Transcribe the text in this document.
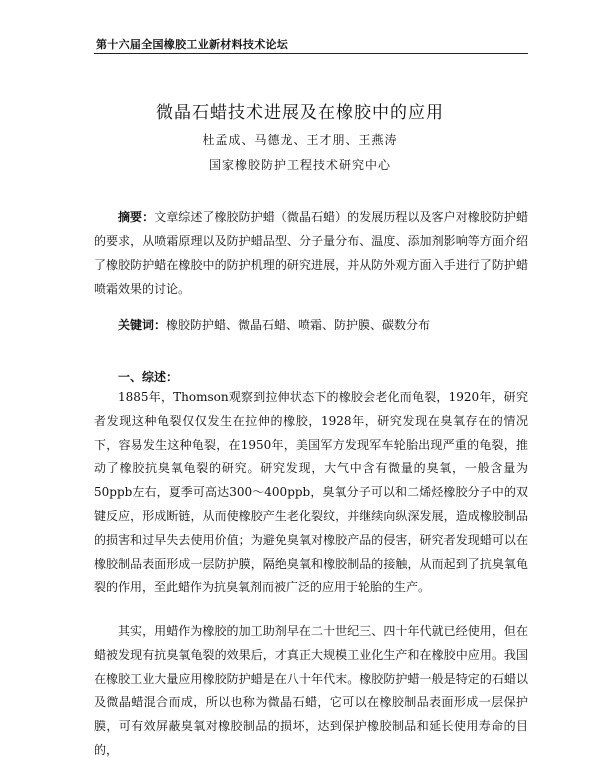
第十六届全国橡胶工业新材料技术论坛
微晶石蜡技术进展及在橡胶中的应用
杜孟成、马德龙、王才朋、王燕涛
国家橡胶防护工程技术研究中心
摘要：文章综述了橡胶防护蜡（微晶石蜡）的发展历程以及客户对橡胶防护蜡的要求，从喷霜原理以及防护蜡品型、分子量分布、温度、添加剂影响等方面介绍了橡胶防护蜡在橡胶中的防护机理的研究进展，并从防外观方面入手进行了防护蜡喷霜效果的讨论。
关键词：橡胶防护蜡、微晶石蜡、喷霜、防护膜、碳数分布
一、综述：
1885年，Thomson观察到拉伸状态下的橡胶会老化而龟裂，1920年，研究者发现这种龟裂仅仅发生在拉伸的橡胶，1928年，研究发现在臭氧存在的情况下，容易发生这种龟裂，在1950年，美国军方发现军车轮胎出现严重的龟裂，推动了橡胶抗臭氧龟裂的研究。研究发现，大气中含有微量的臭氧，一般含量为50ppb左右，夏季可高达300～400ppb，臭氧分子可以和二烯烃橡胶分子中的双键反应，形成断链，从而使橡胶产生老化裂纹，并继续向纵深发展，造成橡胶制品的损害和过早失去使用价值；为避免臭氧对橡胶产品的侵害，研究者发现蜡可以在橡胶制品表面形成一层防护膜，隔绝臭氧和橡胶制品的接触，从而起到了抗臭氧龟裂的作用，至此蜡作为抗臭氧剂而被广泛的应用于轮胎的生产。
其实，用蜡作为橡胶的加工助剂早在二十世纪三、四十年代就已经使用，但在蜡被发现有抗臭氧龟裂的效果后，才真正大规模工业化生产和在橡胶中应用。我国在橡胶工业大量应用橡胶防护蜡是在八十年代末。橡胶防护蜡一般是特定的石蜡以及微晶蜡混合而成，所以也称为微晶石蜡，它可以在橡胶制品表面形成一层保护膜，可有效屏蔽臭氧对橡胶制品的损坏，达到保护橡胶制品和延长使用寿命的目的，
